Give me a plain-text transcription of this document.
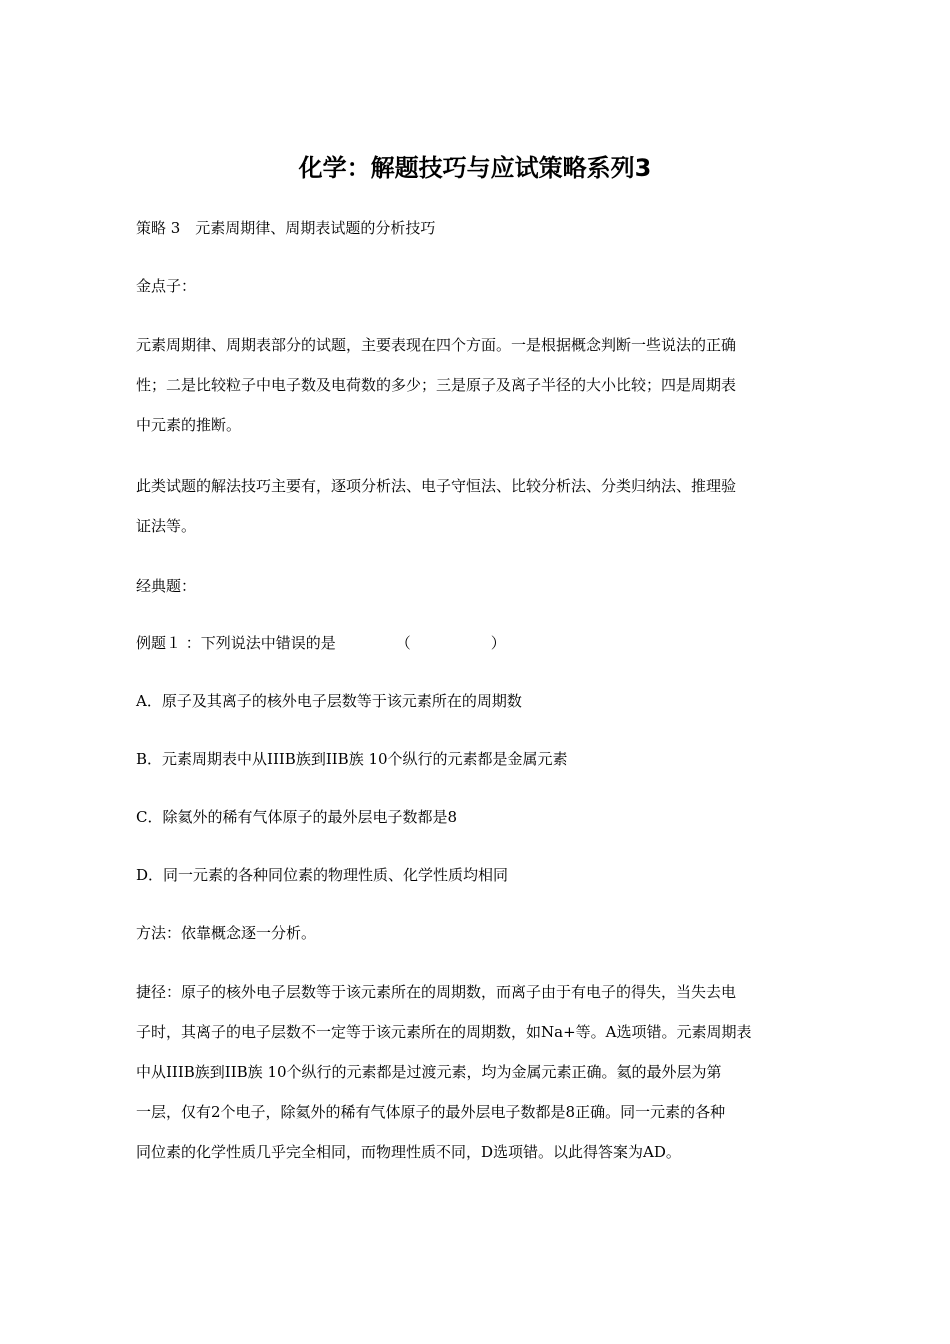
化学：解题技巧与应试策略系列3

策略 3　元素周期律、周期表试题的分析技巧

金点子：

元素周期律、周期表部分的试题，主要表现在四个方面。一是根据概念判断一些说法的正确
性；二是比较粒子中电子数及电荷数的多少；三是原子及离子半径的大小比较；四是周期表
中元素的推断。

此类试题的解法技巧主要有，逐项分析法、电子守恒法、比较分析法、分类归纳法、推理验
证法等。

经典题：

例题１ ：下列说法中错误的是	（	）

A．原子及其离子的核外电子层数等于该元素所在的周期数

B．元素周期表中从IIIB族到IIB族 10个纵行的元素都是金属元素

C．除氦外的稀有气体原子的最外层电子数都是8

D．同一元素的各种同位素的物理性质、化学性质均相同

方法：依靠概念逐一分析。

捷径：原子的核外电子层数等于该元素所在的周期数，而离子由于有电子的得失，当失去电
子时，其离子的电子层数不一定等于该元素所在的周期数，如Na+等。A选项错。元素周期表
中从IIIB族到IIB族 10个纵行的元素都是过渡元素，均为金属元素正确。氦的最外层为第
一层，仅有2个电子，除氦外的稀有气体原子的最外层电子数都是8正确。同一元素的各种
同位素的化学性质几乎完全相同，而物理性质不同，D选项错。以此得答案为AD。
